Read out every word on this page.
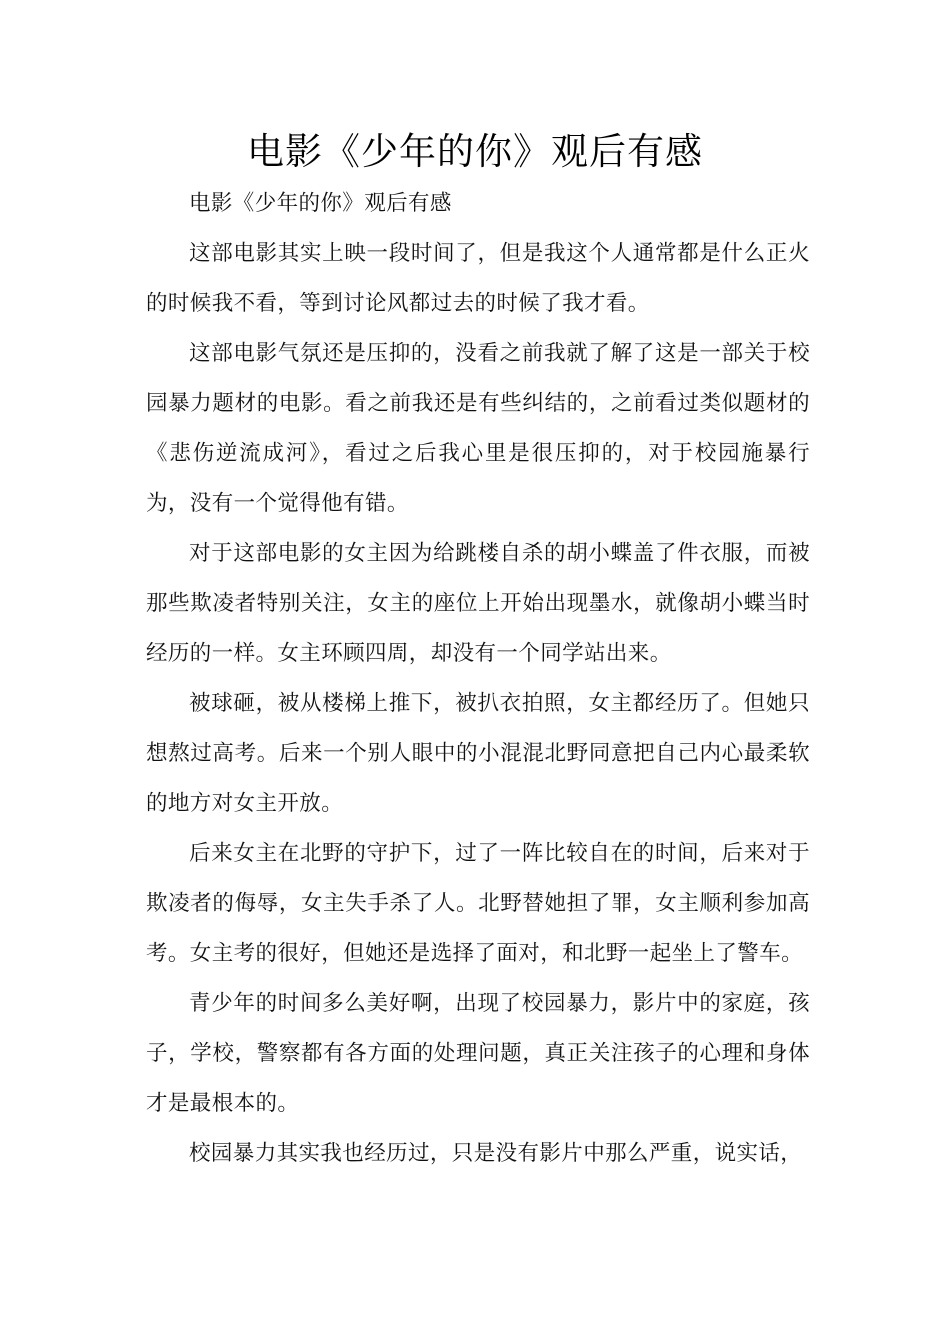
电影《少年的你》观后有感

电影《少年的你》观后有感

这部电影其实上映一段时间了，但是我这个人通常都是什么正火的时候我不看，等到讨论风都过去的时候了我才看。

这部电影气氛还是压抑的，没看之前我就了解了这是一部关于校园暴力题材的电影。看之前我还是有些纠结的，之前看过类似题材的《悲伤逆流成河》，看过之后我心里是很压抑的，对于校园施暴行为，没有一个觉得他有错。

对于这部电影的女主因为给跳楼自杀的胡小蝶盖了件衣服，而被那些欺凌者特别关注，女主的座位上开始出现墨水，就像胡小蝶当时经历的一样。女主环顾四周，却没有一个同学站出来。

被球砸，被从楼梯上推下，被扒衣拍照，女主都经历了。但她只想熬过高考。后来一个别人眼中的小混混北野同意把自己内心最柔软的地方对女主开放。

后来女主在北野的守护下，过了一阵比较自在的时间，后来对于欺凌者的侮辱，女主失手杀了人。北野替她担了罪，女主顺利参加高考。女主考的很好，但她还是选择了面对，和北野一起坐上了警车。

青少年的时间多么美好啊，出现了校园暴力，影片中的家庭，孩子，学校，警察都有各方面的处理问题，真正关注孩子的心理和身体才是最根本的。

校园暴力其实我也经历过，只是没有影片中那么严重，说实话，
